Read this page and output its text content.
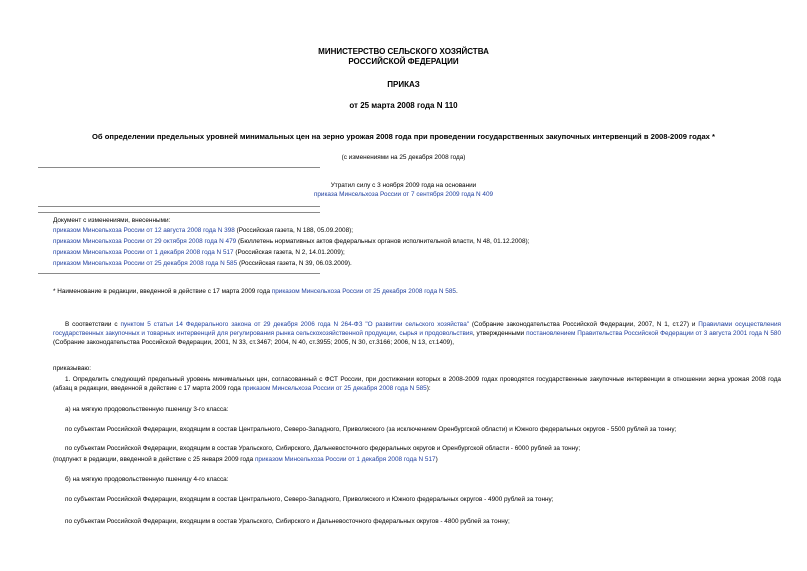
МИНИСТЕРСТВО СЕЛЬСКОГО ХОЗЯЙСТВА
РОССИЙСКОЙ ФЕДЕРАЦИИ
ПРИКАЗ
от 25 марта 2008 года N 110
Об определении предельных уровней минимальных цен на зерно урожая 2008 года при проведении государственных закупочных интервенций в 2008-2009 годах *
(с изменениями на 25 декабря 2008 года)
Утратил силу с 3 ноября 2009 года на основании
приказа Минсельхоза России от 7 сентября 2009 года N 409
Документ с изменениями, внесенными:
приказом Минсельхоза России от 12 августа 2008 года N 398 (Российская газета, N 188, 05.09.2008);
приказом Минсельхоза России от 29 октября 2008 года N 479 (Бюллетень нормативных актов федеральных органов исполнительной власти, N 48, 01.12.2008);
приказом Минсельхоза России от 1 декабря 2008 года N 517 (Российская газета, N 2, 14.01.2009);
приказом Минсельхоза России от 25 декабря 2008 года N 585 (Российская газета, N 39, 06.03.2009).
* Наименование в редакции, введенной в действие с 17 марта 2009 года приказом Минсельхоза России от 25 декабря 2008 года N 585.
В соответствии с пунктом 5 статьи 14 Федерального закона от 29 декабря 2006 года N 264-ФЗ "О развитии сельского хозяйства" (Собрание законодательства Российской Федерации, 2007, N 1, ст.27) и Правилами осуществления государственных закупочных и товарных интервенций для регулирования рынка сельскохозяйственной продукции, сырья и продовольствия, утвержденными постановлением Правительства Российской Федерации от 3 августа 2001 года N 580 (Собрание законодательства Российской Федерации, 2001, N 33, ст.3467; 2004, N 40, ст.3955; 2005, N 30, ст.3166; 2006, N 13, ст.1409),
приказываю:
1. Определить следующий предельный уровень минимальных цен, согласованный с ФСТ России, при достижении которых в 2008-2009 годах проводятся государственные закупочные интервенции в отношении зерна урожая 2008 года (абзац в редакции, введенной в действие с 17 марта 2009 года приказом Минсельхоза России от 25 декабря 2008 года N 585):
а) на мягкую продовольственную пшеницу 3-го класса:
по субъектам Российской Федерации, входящим в состав Центрального, Северо-Западного, Приволжского (за исключением Оренбургской области) и Южного федеральных округов - 5500 рублей за тонну;
по субъектам Российской Федерации, входящим в состав Уральского, Сибирского, Дальневосточного федеральных округов и Оренбургской области - 6000 рублей за тонну;
(подпункт в редакции, введенной в действие с 25 января 2009 года приказом Минсельхоза России от 1 декабря 2008 года N 517)
б) на мягкую продовольственную пшеницу 4-го класса:
по субъектам Российской Федерации, входящим в состав Центрального, Северо-Западного, Приволжского и Южного федеральных округов - 4900 рублей за тонну;
по субъектам Российской Федерации, входящим в состав Уральского, Сибирского и Дальневосточного федеральных округов - 4800 рублей за тонну;
